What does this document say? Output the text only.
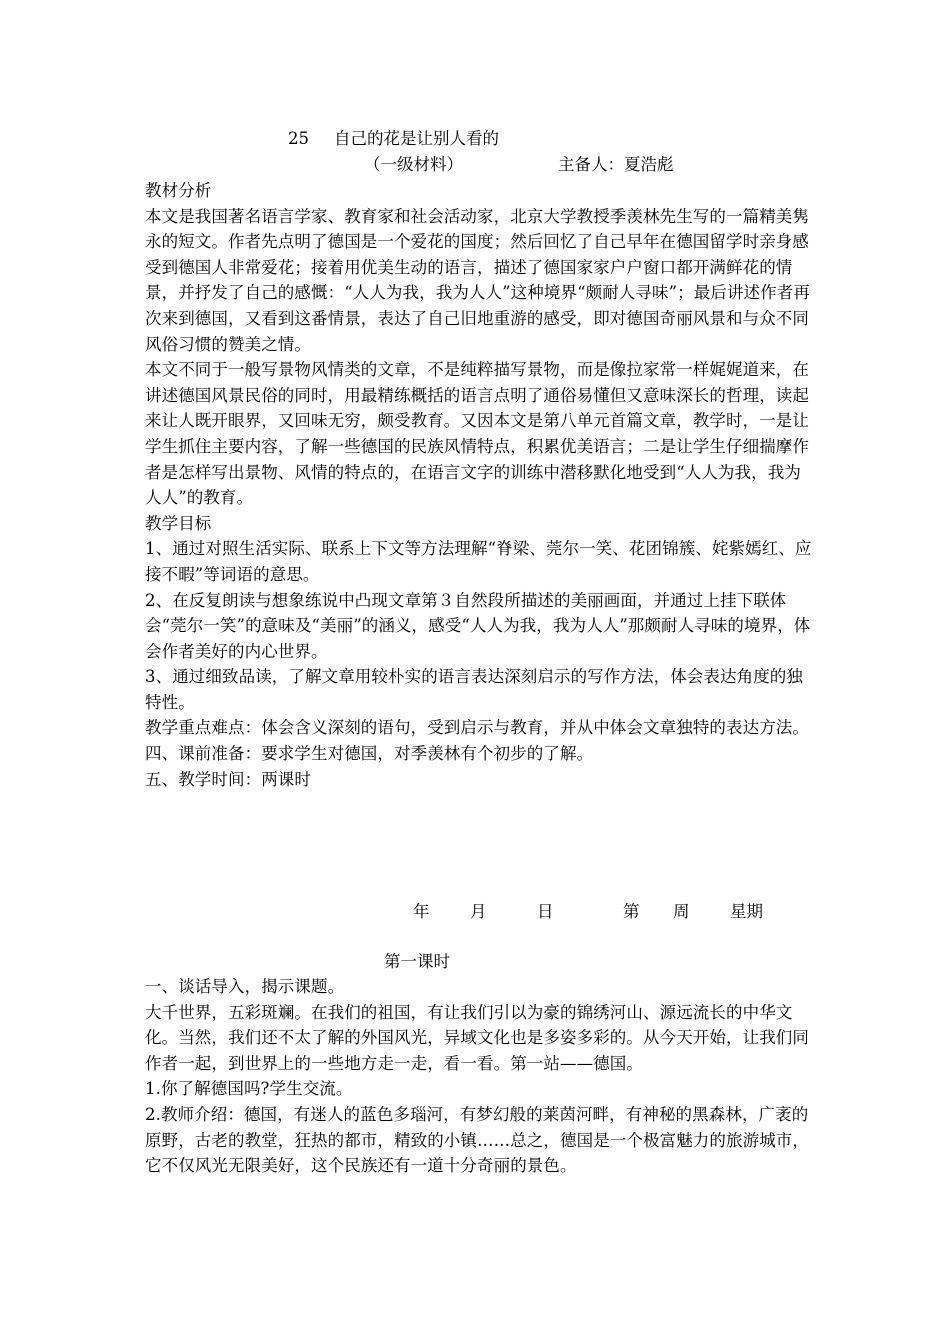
25 自己的花是让别人看的
（一级材料）	主备人：夏浩彪

教材分析

本文是我国著名语言学家、教育家和社会活动家，北京大学教授季羡林先生写的一篇精美隽永的短文。作者先点明了德国是一个爱花的国度；然后回忆了自己早年在德国留学时亲身感受到德国人非常爱花；接着用优美生动的语言，描述了德国家家户户窗口都开满鲜花的情景，并抒发了自己的感慨：“人人为我，我为人人”这种境界“颇耐人寻味”；最后讲述作者再次来到德国，又看到这番情景，表达了自己旧地重游的感受，即对德国奇丽风景和与众不同风俗习惯的赞美之情。

本文不同于一般写景物风情类的文章，不是纯粹描写景物，而是像拉家常一样娓娓道来，在讲述德国风景民俗的同时，用最精练概括的语言点明了通俗易懂但又意味深长的哲理，读起来让人既开眼界，又回味无穷，颇受教育。又因本文是第八单元首篇文章，教学时，一是让学生抓住主要内容，了解一些德国的民族风情特点，积累优美语言；二是让学生仔细揣摩作者是怎样写出景物、风情的特点的，在语言文字的训练中潜移默化地受到“人人为我，我为人人”的教育。

教学目标

1、通过对照生活实际、联系上下文等方法理解“脊梁、莞尔一笑、花团锦簇、姹紫嫣红、应接不暇”等词语的意思。

2、在反复朗读与想象练说中凸现文章第３自然段所描述的美丽画面，并通过上挂下联体会“莞尔一笑”的意味及“美丽”的涵义，感受“人人为我，我为人人”那颇耐人寻味的境界，体会作者美好的内心世界。

3、通过细致品读，了解文章用较朴实的语言表达深刻启示的写作方法，体会表达角度的独特性。

教学重点难点：体会含义深刻的语句，受到启示与教育，并从中体会文章独特的表达方法。

四、课前准备：要求学生对德国，对季羡林有个初步的了解。

五、教学时间：两课时

年 月	日	第 周 星期
第一课时

一、谈话导入，揭示课题。

大千世界，五彩斑斓。在我们的祖国，有让我们引以为豪的锦绣河山、源远流长的中华文化。当然，我们还不太了解的外国风光，异域文化也是多姿多彩的。从今天开始，让我们同作者一起，到世界上的一些地方走一走，看一看。第一站——德国。

1.你了解德国吗?学生交流。

2.教师介绍：德国，有迷人的蓝色多瑙河，有梦幻般的莱茵河畔，有神秘的黑森林，广袤的原野，古老的教堂，狂热的都市，精致的小镇……总之，德国是一个极富魅力的旅游城市，它不仅风光无限美好，这个民族还有一道十分奇丽的景色。
